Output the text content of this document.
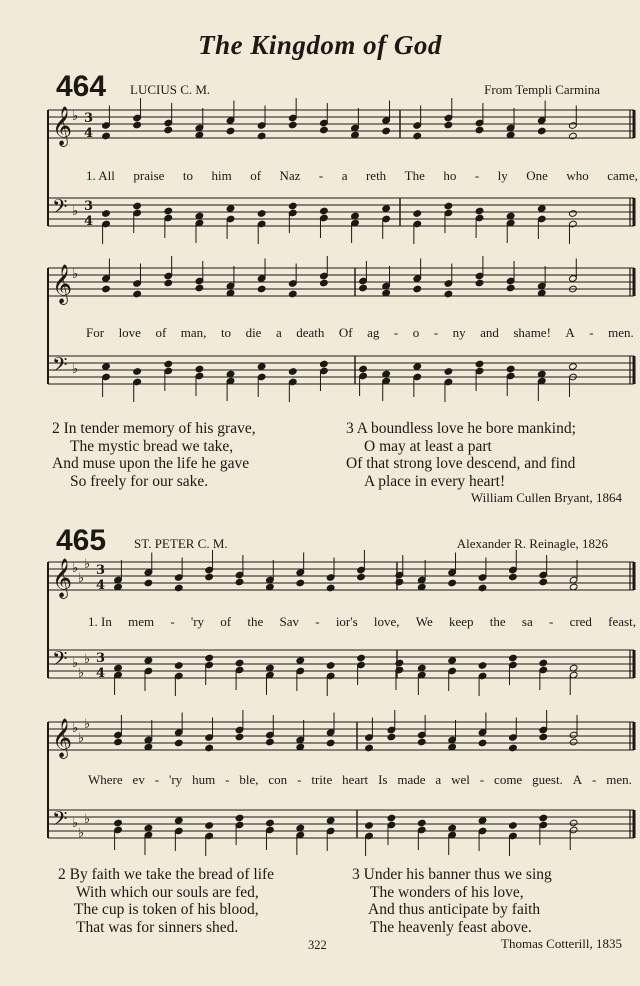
The Kingdom of God
464 LUCIUS C. M.	From Templi Carmina
𝄞 ♭ 3
4
𝄢 ♭ 3
4
1. All praise to him of Naz - a reth The ho - ly One who came,
𝄞 ♭
𝄢 ♭
For love of man, to die a death Of ag - o - ny and shame! A - men.
2 In tender memory of his grave,
The mystic bread we take,
And muse upon the life he gave
So freely for our sake.
3 A boundless love he bore mankind;
O may at least a part
Of that strong love descend, and find
A place in every heart!
William Cullen Bryant, 1864
465 ST. PETER C. M.	Alexander R. Reinagle, 1826
𝄞 ♭
♭
♭ 3
4
𝄢 ♭
♭
♭ 3
4
1. In mem - 'ry of the Sav - ior's love, We keep the sa - cred feast,
𝄞 ♭
♭
♭
𝄢 ♭
♭
♭
Where ev - 'ry hum - ble, con - trite heart Is made a wel - come guest. A - men.
2 By faith we take the bread of life
With which our souls are fed,
The cup is token of his blood,
That was for sinners shed.
3 Under his banner thus we sing
The wonders of his love,
And thus anticipate by faith
The heavenly feast above.
322	Thomas Cotterill, 1835
